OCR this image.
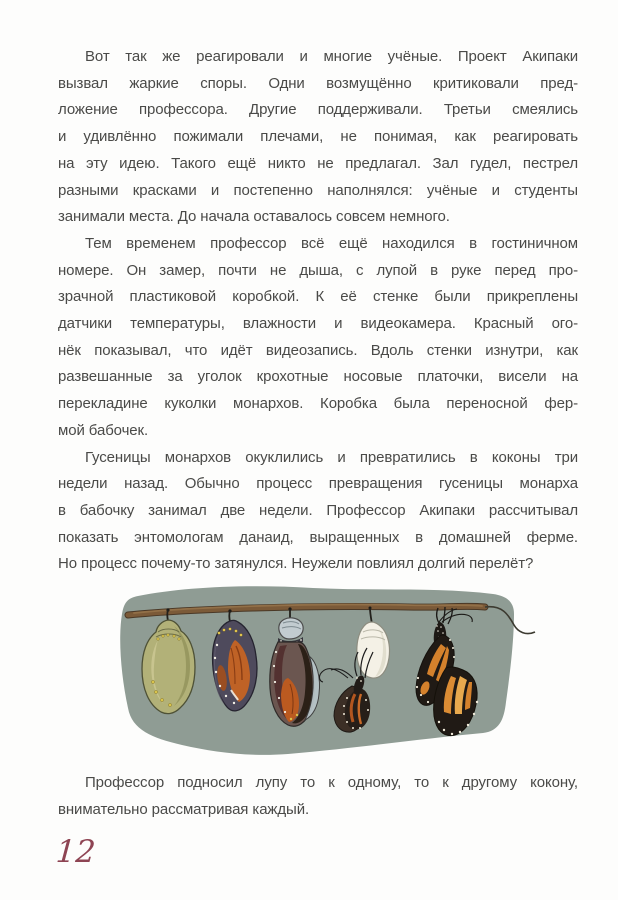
Вот так же реагировали и многие учёные. Проект Акипаки
вызвал жаркие споры. Одни возмущённо критиковали пред-
ложение профессора. Другие поддерживали. Третьи смеялись
и удивлённо пожимали плечами, не понимая, как реагировать
на эту идею. Такого ещё никто не предлагал. Зал гудел, пестрел
разными красками и постепенно наполнялся: учёные и студенты
занимали места. До начала оставалось совсем немного.

Тем временем профессор всё ещё находился в гостиничном
номере. Он замер, почти не дыша, с лупой в руке перед про-
зрачной пластиковой коробкой. К её стенке были прикреплены
датчики температуры, влажности и видеокамера. Красный ого-
нёк показывал, что идёт видеозапись. Вдоль стенки изнутри, как
развешанные за уголок крохотные носовые платочки, висели на
перекладине куколки монархов. Коробка была переносной фер-
мой бабочек.

Гусеницы монархов окуклились и превратились в коконы три
недели назад. Обычно процесс превращения гусеницы монарха
в бабочку занимал две недели. Профессор Акипаки рассчитывал
показать энтомологам данаид, выращенных в домашней ферме.
Но процесс почему-то затянулся. Неужели повлиял долгий перелёт?

Профессор подносил лупу то к одному, то к другому кокону,
внимательно рассматривая каждый.

12
